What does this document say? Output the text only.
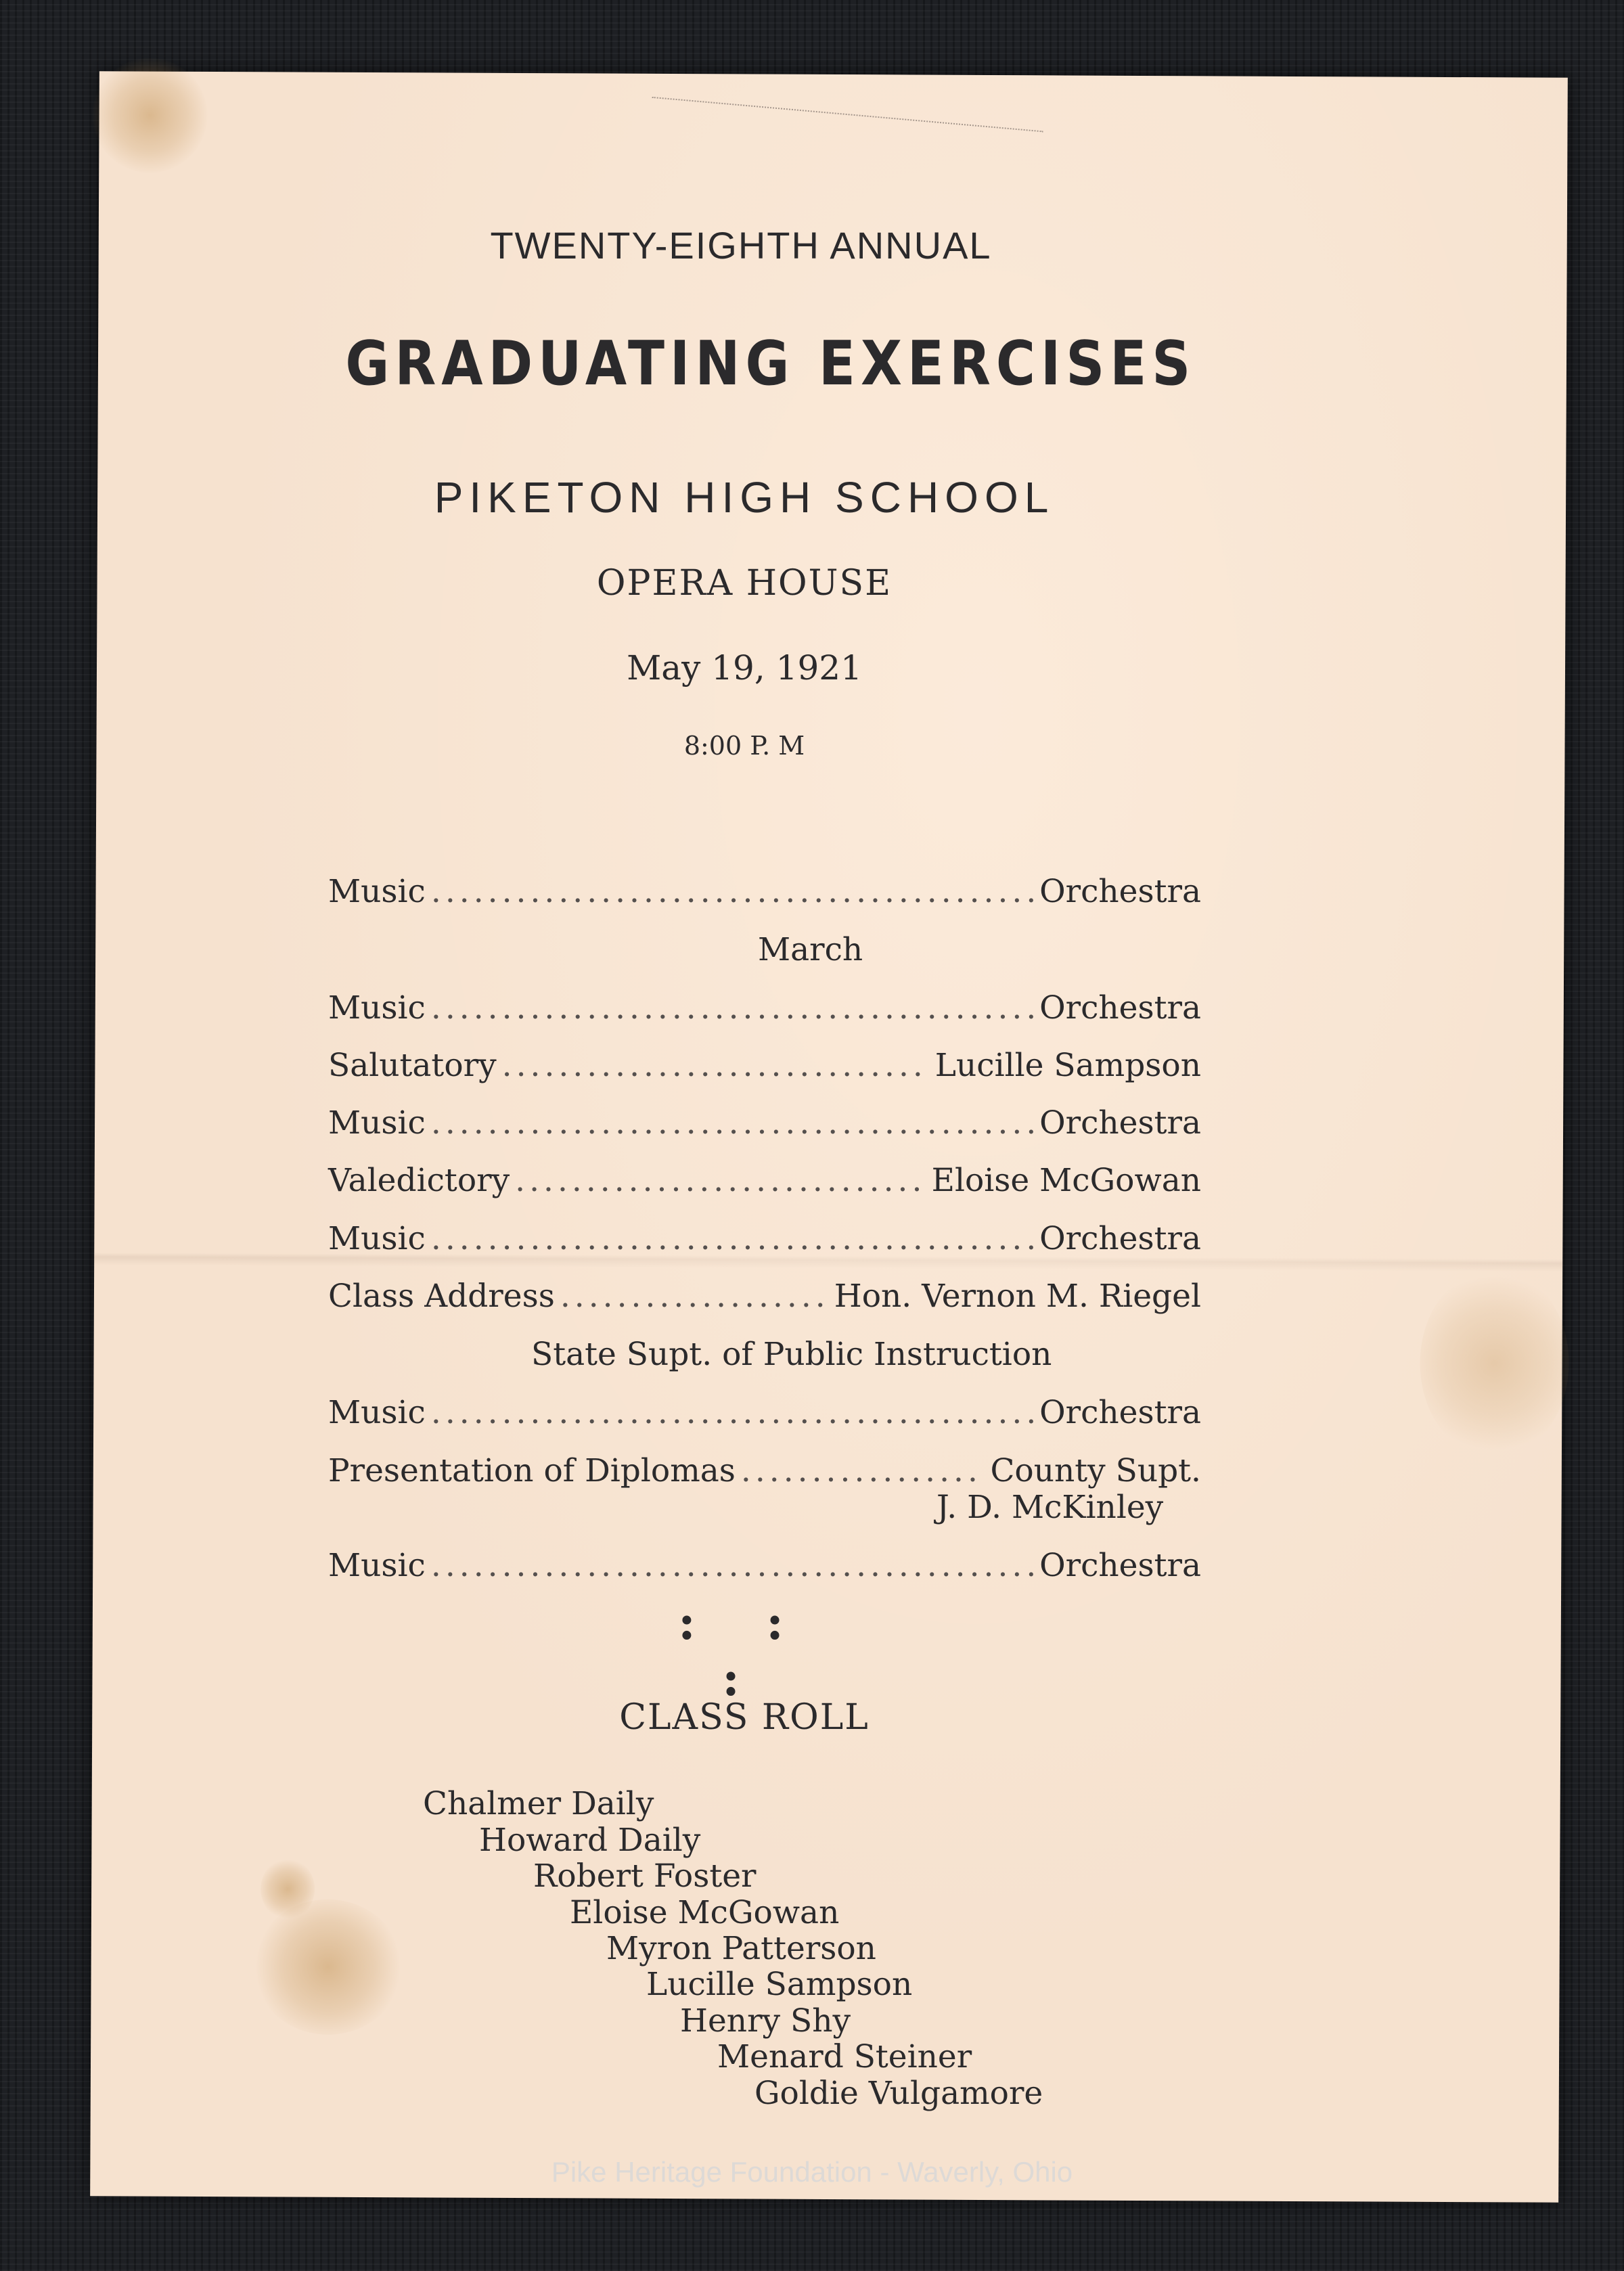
TWENTY-EIGHTH ANNUAL
GRADUATING EXERCISES
PIKETON HIGH SCHOOL
OPERA HOUSE
May 19, 1921
8:00 P. M
Music .....	Orchestra
March
Music .....	Orchestra
Salutatory .....	Lucille Sampson
Music .....	Orchestra
Valedictory .....	Eloise McGowan
Music .....	Orchestra
Class Address .....	Hon. Vernon M. Riegel
State Supt. of Public Instruction
Music .....	Orchestra
Presentation of Diplomas .....	County Supt.
J. D. McKinley
Music .....	Orchestra
: : :
CLASS ROLL
Chalmer Daily
Howard Daily
Robert Foster
Eloise McGowan
Myron Patterson
Lucille Sampson
Henry Shy
Menard Steiner
Goldie Vulgamore
Pike Heritage Foundation - Waverly, Ohio
